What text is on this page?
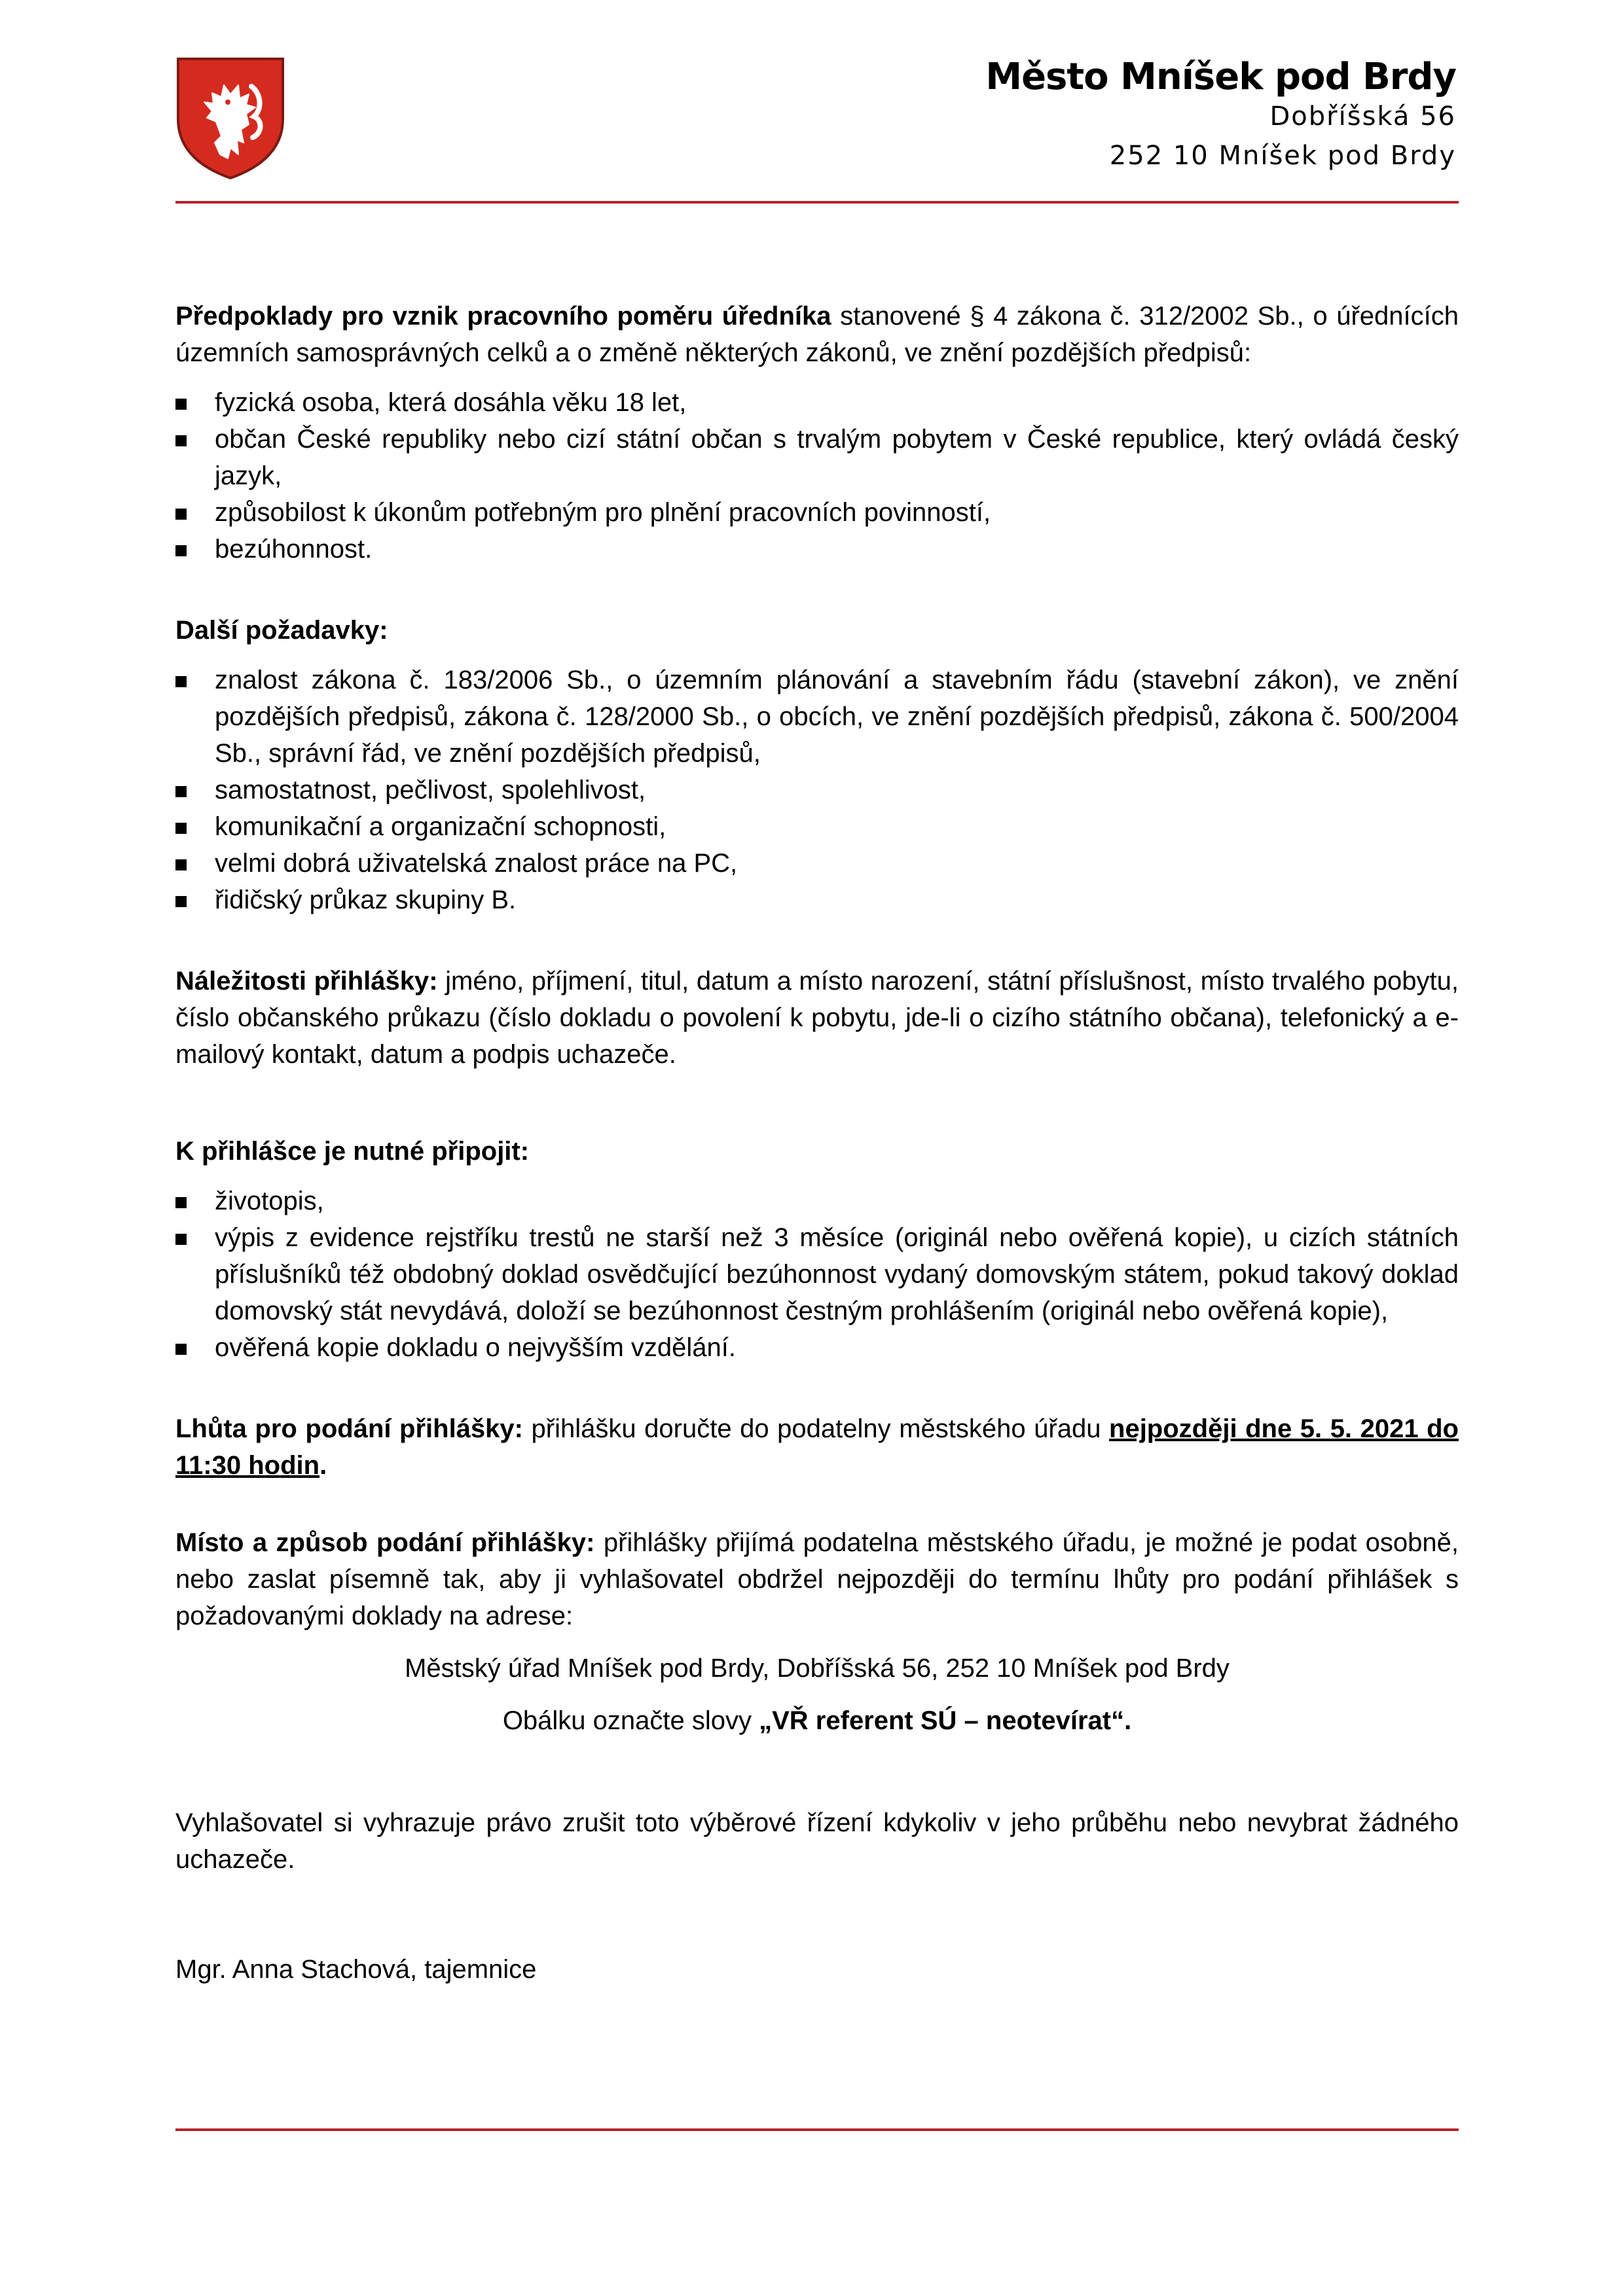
Město Mníšek pod Brdy
Dobříšská 56
252 10 Mníšek pod Brdy

Předpoklady pro vznik pracovního poměru úředníka stanovené § 4 zákona č. 312/2002 Sb., o úřednících územních samosprávných celků a o změně některých zákonů, ve znění pozdějších předpisů:

fyzická osoba, která dosáhla věku 18 let,
občan České republiky nebo cizí státní občan s trvalým pobytem v České republice, který ovládá český jazyk,
způsobilost k úkonům potřebným pro plnění pracovních povinností,
bezúhonnost.

Další požadavky:

znalost zákona č. 183/2006 Sb., o územním plánování a stavebním řádu (stavební zákon), ve znění pozdějších předpisů, zákona č. 128/2000 Sb., o obcích, ve znění pozdějších předpisů, zákona č. 500/2004 Sb., správní řád, ve znění pozdějších předpisů,
samostatnost, pečlivost, spolehlivost,
komunikační a organizační schopnosti,
velmi dobrá uživatelská znalost práce na PC,
řidičský průkaz skupiny B.

Náležitosti přihlášky: jméno, příjmení, titul, datum a místo narození, státní příslušnost, místo trvalého pobytu, číslo občanského průkazu (číslo dokladu o povolení k pobytu, jde-li o cizího státního občana), telefonický a e-mailový kontakt, datum a podpis uchazeče.

K přihlášce je nutné připojit:

životopis,
výpis z evidence rejstříku trestů ne starší než 3 měsíce (originál nebo ověřená kopie), u cizích státních příslušníků též obdobný doklad osvědčující bezúhonnost vydaný domovským státem, pokud takový doklad domovský stát nevydává, doloží se bezúhonnost čestným prohlášením (originál nebo ověřená kopie),
ověřená kopie dokladu o nejvyšším vzdělání.

Lhůta pro podání přihlášky: přihlášku doručte do podatelny městského úřadu nejpozději dne 5. 5. 2021 do 11:30 hodin.

Místo a způsob podání přihlášky: přihlášky přijímá podatelna městského úřadu, je možné je podat osobně, nebo zaslat písemně tak, aby ji vyhlašovatel obdržel nejpozději do termínu lhůty pro podání přihlášek s požadovanými doklady na adrese:

Městský úřad Mníšek pod Brdy, Dobříšská 56, 252 10 Mníšek pod Brdy

Obálku označte slovy „VŘ referent SÚ – neotevírat“.

Vyhlašovatel si vyhrazuje právo zrušit toto výběrové řízení kdykoliv v jeho průběhu nebo nevybrat žádného uchazeče.

Mgr. Anna Stachová, tajemnice
